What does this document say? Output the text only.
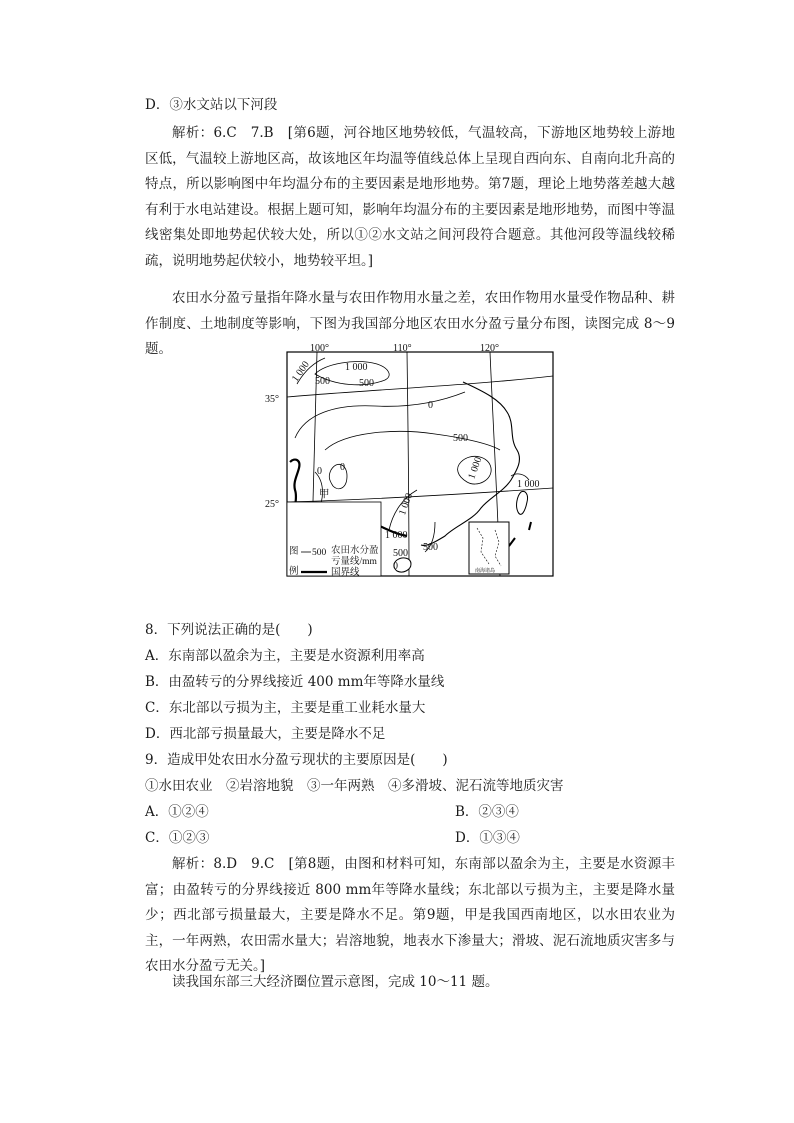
D．③水文站以下河段
解析：6.C　7.B　[第6题，河谷地区地势较低，气温较高，下游地区地势较上游地区低，气温较上游地区高，故该地区年均温等值线总体上呈现自西向东、自南向北升高的特点，所以影响图中年均温分布的主要因素是地形地势。第7题，理论上地势落差越大越有利于水电站建设。根据上题可知，影响年均温分布的主要因素是地形地势，而图中等温线密集处即地势起伏较大处，所以①②水文站之间河段符合题意。其他河段等温线较稀疏，说明地势起伏较小，地势较平坦。]
农田水分盈亏量指年降水量与农田作物用水量之差，农田作物用水量受作物品种、耕作制度、土地制度等影响，下图为我国部分地区农田水分盈亏量分布图，读图完成 8～9 题。	100°	110°	120°
35°
25°
1 000 500
1 000
500
0
500
1 000
0 0
1 000
1 000
1 000
500
500
0
甲
图
例
500 农田水分盈
亏量线/mm
国界线	南海诸岛
8．下列说法正确的是(　　)
A．东南部以盈余为主，主要是水资源利用率高
B．由盈转亏的分界线接近 400 mm年等降水量线
C．东北部以亏损为主，主要是重工业耗水量大
D．西北部亏损量最大，主要是降水不足
9．造成甲处农田水分盈亏现状的主要原因是(　　)
①水田农业　②岩溶地貌　③一年两熟　④多滑坡、泥石流等地质灾害
A．①②④	B．②③④
C．①②③	D．①③④
解析：8.D　9.C　[第8题，由图和材料可知，东南部以盈余为主，主要是水资源丰富；由盈转亏的分界线接近 800 mm年等降水量线；东北部以亏损为主，主要是降水量少；西北部亏损量最大，主要是降水不足。第9题，甲是我国西南地区，以水田农业为主，一年两熟，农田需水量大；岩溶地貌，地表水下渗量大；滑坡、泥石流地质灾害多与农田水分盈亏无关。]
读我国东部三大经济圈位置示意图，完成 10～11 题。
